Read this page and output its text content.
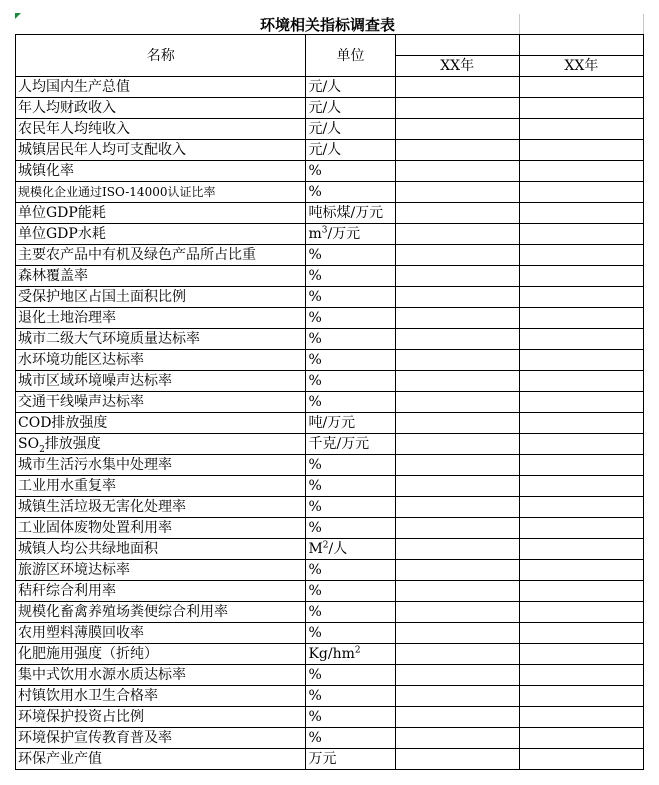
环境相关指标调查表
名称	单位		
		XX年	XX年
人均国内生产总值	元/人		
年人均财政收入	元/人		
农民年人均纯收入	元/人		
城镇居民年人均可支配收入	元/人		
城镇化率	%		
规模化企业通过ISO-14000认证比率	%		
单位GDP能耗	吨标煤/万元		
单位GDP水耗	$m^3/$万元		
主要农产品中有机及绿色产品所占比重	%		
森林覆盖率	%		
受保护地区占国土面积比例	%		
退化土地治理率	%		
城市二级大气环境质量达标率	%		
水环境功能区达标率	%		
城市区域环境噪声达标率	%		
交通干线噪声达标率	%		
COD排放强度	吨/万元		
$SO_2$排放强度	千克/万元		
城市生活污水集中处理率	%		
工业用水重复率	%		
城镇生活垃圾无害化处理率	%		
工业固体废物处置利用率	%		
城镇人均公共绿地面积	$M^2/$人		
旅游区环境达标率	%		
秸秆综合利用率	%		
规模化畜禽养殖场粪便综合利用率	%		
农用塑料薄膜回收率	%		
化肥施用强度（折纯）	$Kg/hm^2$		
集中式饮用水源水质达标率	%		
村镇饮用水卫生合格率	%		
环境保护投资占比例	%		
环境保护宣传教育普及率	%		
环保产业产值	万元		
